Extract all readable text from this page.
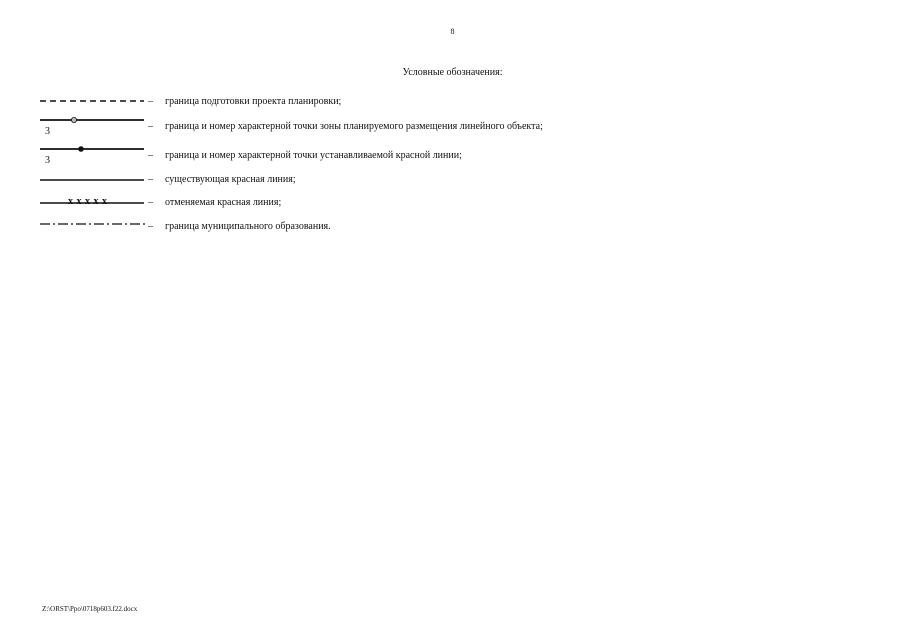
8
Условные обозначения:
– граница подготовки проекта планировки;
3	– граница и номер характерной точки зоны планируемого размещения линейного объекта;
3	– граница и номер характерной точки устанавливаемой красной линии;
– существующая красная линия;
x x x x x	– отменяемая красная линия;
– граница муниципального образования.
Z:\ORST\Ppo\0718p603.f22.docx
